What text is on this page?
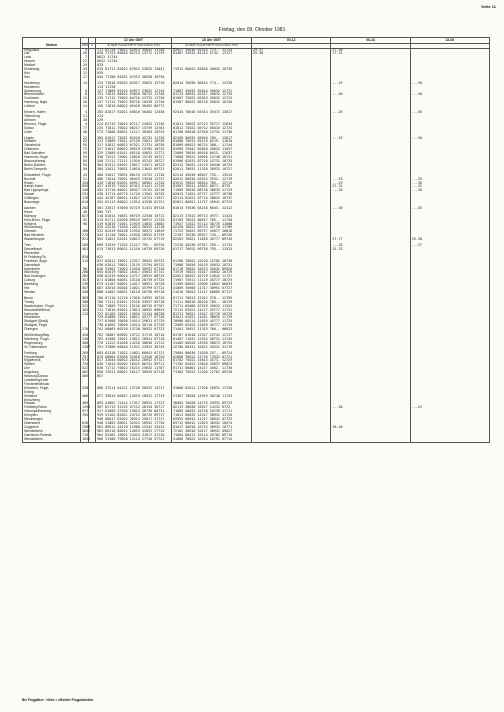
Seite 11
Freitag, den 09. Oktober 1981
Station			12 Uhr GMT	18 Uhr GMT	00-12	06-18	18-06
	Höhe	S.	iiiii Nddff VVwwW PPPTT NhCLhCMCH TdTd	iiiii Nddff VVwwW PPPTT NhCLhCMCH TdTd			
Helgoland	4		711 62728 75012 02914 35632 11740	82027 35630 01514 773-- 12724	29-37	27-36	
List	26		020 71723 60026 03713 13772 11739	81487 25632 01214 5742- 13727	29-30	27-31	
Leck	7		0022 11744				
Husum	22		0022 11744				
Meldorf	29		033				
Schleswig	43		635 61711 62022 07015 23632 12031	71912 60022 03016 45632 10739			
Kiel	12		039				
Kiel	17		045 71706 65031 07513 30938 10736				

Norderney	13		113 71816 65032 03317 35632 12718	82014 76636 00514 774-- 13726		---29	---36
Norddeich			113 11728				
Spiekeroog	5		127 71809 65122 03917 23632 12743	71807 45632 02014 45632 12731			
Bremerhaven	8		131 71815 66022 03816 30732 11748	81713 40032 02517 45632 12735		---30	---36
Cuxhaven	12		135 71712 75022 04716 23732 11750	81907 75022 02013 35632 12725			
Hamburg, flugh.	16		147 71712 75022 09716 10339 12730	81987 60022 00716 45632 10740			
Lübeck	14		156 71810 60022 09416 30492 06772				

Emden, Hafen	4		203 62017 62021 03616 30402 12436	92415 70016 01913 35472 13617		---26	---36
Oldenburg	11		224				
Ahlhorn	40		229				
Bremen, Flugh.	4		224 61715 70022 07117 24932 11736	81811 70022 07213 35777 12634			
Soltau	77		235 71812 70022 00217 15749 12783	81811 75022 05712 50415 12724			
Celle	40		273 71808 60031 11117 30303 10729	81708 60018 07918 15731 11736			

Lingen	22		305 61817 75031 01518 45732 11736	82109 56632 03616 785-- 13617		---29	---36
Münster	63		313 31809 75011 07120 15631 16736	81808 70611 05119 6219- 11620			
Osnabrück	95		317 51812 60022 07521 21731 10736	81809 60022 00714 300-- 11744			
Gütersloh	72		327 51617 60022 09519 15782 10733	81909 75642 05818 45632 11637			
Bad Salzuflen	99		329 21809 61011 09118 45632 12771	72609 70616 09518 6015- 12637			
Hannover, flugh.	55		338 72511 75001 10016 15745 10727	71808 70521 10016 15746 10731			
Braunschweig	85		348 72111 71211 11916 45742 10727	61906 62031 07218 15731 10733			
Berlin-Dahlem	55		384 81511 64031 15017 14571 10723	82412 70031 14119 50446 10729			
Berlin-Tempelh.	50		384 32011 70031 14018 11642 09723	62011 70031 11318 30932 10727			

Düsseldorf, Flugh.	43		400 31617 70031 00119 15732 11730	62214 45616 06617 755-- 13514			
Bocholt	21		406 71614 70031 06419 23530 12737	82012 60016 04915 3532- 12719		---25	---35
Essen	154		410 71810 62031 05917 40981 11728	81912 70022 06614 785-- 12713		---29	---36
Kahler Asten	839		427 41919 72022 07413 21441 11749	81907 76611 43622 6077- 8729		27-31	---32
Bad Lippspringe	140		432 31710 60021 09417 15742 10718	71909 70016 08718 30635 11723		---26	---30
Kassel	231		438 31714 60775 11716 11942 10735	62013 71022 07717 15777 10738			
Göttingen	176		444 42207 60011 11617 15741 11927	92114 62021 07714 30641 10737			
Braunlage	614		452 62113 80022 11914 41536 01721	82021 60021 11717 45641 07723			

Aachen	202		501 32017 63030 07219 31431 09728	81614 75636 04216 6043- 12412		---30	---35
Kleve	46		505 737				
Nürburg	627		510 62014 70031 09719 22530 10712	82113 37812 09713 4977- 11525			
Köln-Bonn, Flugh.	92		513 61711 62036 09519 30972 12720	81703 70622 06617 785-- 11728			
Koblenz	98		519 61819 72031 11919 14632 13682	71927 72022 07112 30775 11608			
Weißenburg			529 42218 71036 12013 30933 14718	62420 70022 09713 45776 11709			
Giessen	186		532 62419 60436 11916 30972 13649	71723 70022 09717 45677 10818			
Bad Hersfeld	272		542 32110 70021 12918 16932 07739	72107 70236 09917 745-- 09726			
Wasserkuppe	921		554 31021 62241 44613 15732 07719	82203 70021 11818 45777 09743		27-77	25-38

Trier	265		609 31919 71252 11217 795-- 09726	72216 40236 07917 763-- 11731		---26	---37
Deuselbach	481		615 71613 80031 11216 10739 09728	81717 70022 09718 795-- 11523		25-33	
Pferdsfeld							
Kl.Feldberg/Ts.	826		622				
Frankfurt, flugh.	112		637 62011 70021 13317 30942 09732	81706 70022 10218 15782 10730			
Darmstadt			638 62011 70021 13119 15794 09732	71908 70026 10119 45632 10731			
Mannheim	96		646 31902 75022 15418 30932 07728	61718 70022 10413 45632 09526			
Würzburg	268		655 62019 70022 16417 45632 07741	71919 70022 10417 45632 10729			
Bad Kissingen	282		658 62319 60014 14717 20931 08729	62021 60022 10719 14642 11737			
Coburg	357		671 81806 60031 15116 20739 07725	71907 75611 11119 45777 10729			
Bamberg	239		675 41107 60031 14417 30931 10728	21309 60022 10509 10641 06633			
Hof	567		687 42016 60202 14021 45799 07724	41809 70600 11317 30951 07727			
Weiden	438		688 41807 60031 16116 20730 09718	21610 70022 11117 60605 07727			

Berus	363		706 07110 31216 17016 24932 18726	61711 70013 12412 370-- 12705			
Tholey	386		706 71111 61011 13216 33537 09718	71111 66016 00216 785-- 10729			
Saarbrücken, Flugh.	322		708 71809 72221 15116 00735 07707	71711 65000 07519 45632 11525			
Neustadt/Weinstr.	163		712 71810 65021 13813 30932 09643	72112 62022 14217 45777 11731			
Karlsruhe	112		727 62103 70031 13610 22134 08738	81711 70021 13517 35776 10729			
Mannheim			729 61808 75011 10011 45777 07728	61811 61021 14421 30632 11729			
Stuttgart (Stadt)			737 61908 70036 14514 29631 07729	70906 60214 11619 45777 11725			
Stuttgart, Flugh.			738 61602 70026 14514 30710 07726	72009 62022 11619 45777 11719			
Öhringen	276		742 60003 60226 13720 30932 07723	71401 70021 11319 760-- 06823			

Weißenburg/Bay.	420		762 70007 60502 15712 31719 10710	81707 61618 12517 15741 12727			
Nürnberg, Flugh.	318		763 41506 75011 13612 16931 07718	61407 71031 12914 30731 11745			
Regensburg	366		776 11222 61036 14216 30636 11713	31405 60026 14916 30673 10725			
Gr. Falkenstein	1307		791 37000 60016 11912 24931 36749	32700 60431 10512 45531 31719			

Freiburg	269		803 62318 71022 14021 60942 07721	73004 60036 11620 257-- 09724			
Freudenstadt	797		815 60064 63036 31016 14346 16726	62006 70012 15716 73532 07721			
Klippeneck	973		817 32044 60012 20212 20932 07721	61702 75022 15613 4573- 12729			
Stötten	734		836 71044 80202 16315 06741 09711	71702 62022 13018 45037 09623			
Ulm	522		836 71712 70022 16215 25632 11707	61711 60001 14217 4502- 11730			
Augsburg	462		850 72011 80022 16117 30935 07718	71303 79022 12320 12782 09720			
Neuburg/Donau	405		857				
Landsberg/Lech							
Fürstenfeldbruck							
München, Flugh.	530		866 37214 64121 13720 30932 14717	31006 62011 17920 10931 11726			
Erding							
Mühldorf	406		877 39815 60037 14519 10931 17719	21307 70020 14919 30740 11723			
Kreuzberg							
Passau	409		893 41802 72414 17417 30932 17723	36003 70020 14719 34931 09723			
Feldberg/Schw.	1493		907 62713 31232 07112 28134 36717	82113 30030 10317 14232 8722		---30	---25
Hohenpeißenberg	977		917 61009 37034 15013 36730 08731	71009 40032 10718 10739 11711			
Kempten	705		939 31102 82021 24712 30735 09717	71811 60032 14317 30931 11726			
Memmingen			946 68017 62022 26312 29017 31717	62053 60012 11217 30941 07723			
Oberstdorf	816		948 31002 80021 32521 10932 17736	83712 60012 12819 40332 10574			
Zugspitze	2960		962 80912 44110 12900 12342 33524	81017 40016 10714 30932 10771		28-46	
Wendelstein	1832		963 80110 80012 14615 42032 27719	72102 30016 10117 40941 09627			
Garmisch-Partenk.	719		964 62402 10031 14415 31017 31716	71004 60412 10114 45782 09716			
Wendelstein	1832		966 31300 79020 12114 27740 37721	31006 70021 10314 10791 07715			
Bei Flugplätze : Höhe = offizielle Flugplatzhöhe
